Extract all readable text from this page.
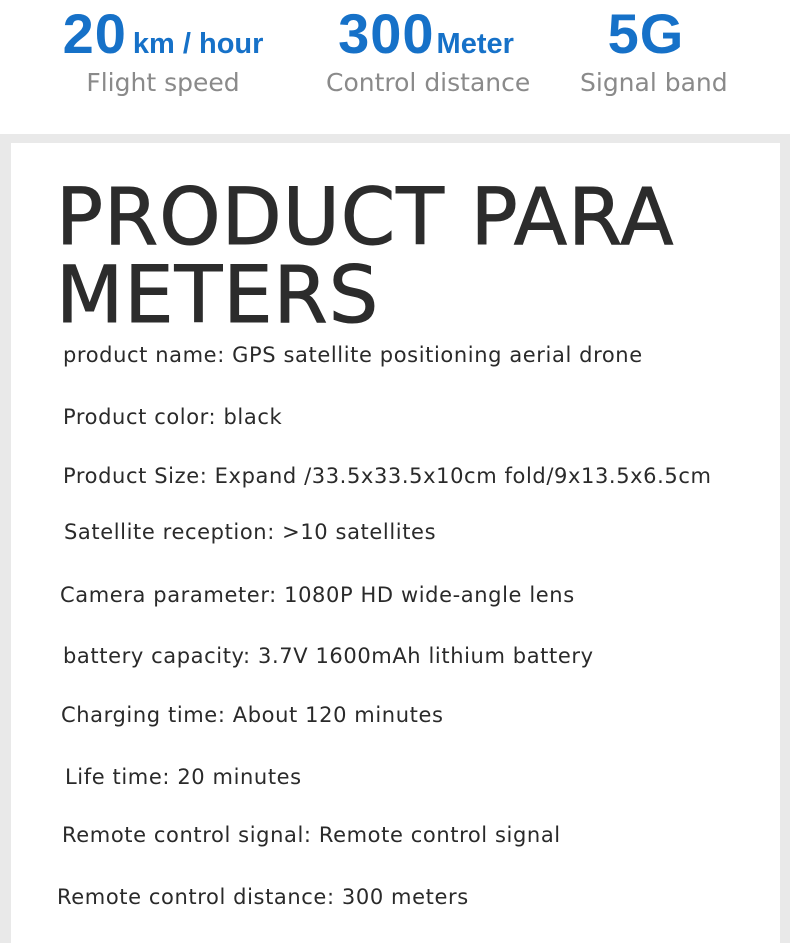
20 km / hour
Flight speed
300Meter
Control distance
5G
Signal band
PRODUCT PARA METERS
product name: GPS satellite positioning aerial drone
Product color: black
Product Size: Expand /33.5x33.5x10cm fold/9x13.5x6.5cm
Satellite reception: >10 satellites
Camera parameter: 1080P HD wide-angle lens
battery capacity: 3.7V 1600mAh lithium battery
Charging time: About 120 minutes
Life time: 20 minutes
Remote control signal: Remote control signal
Remote control distance: 300 meters
